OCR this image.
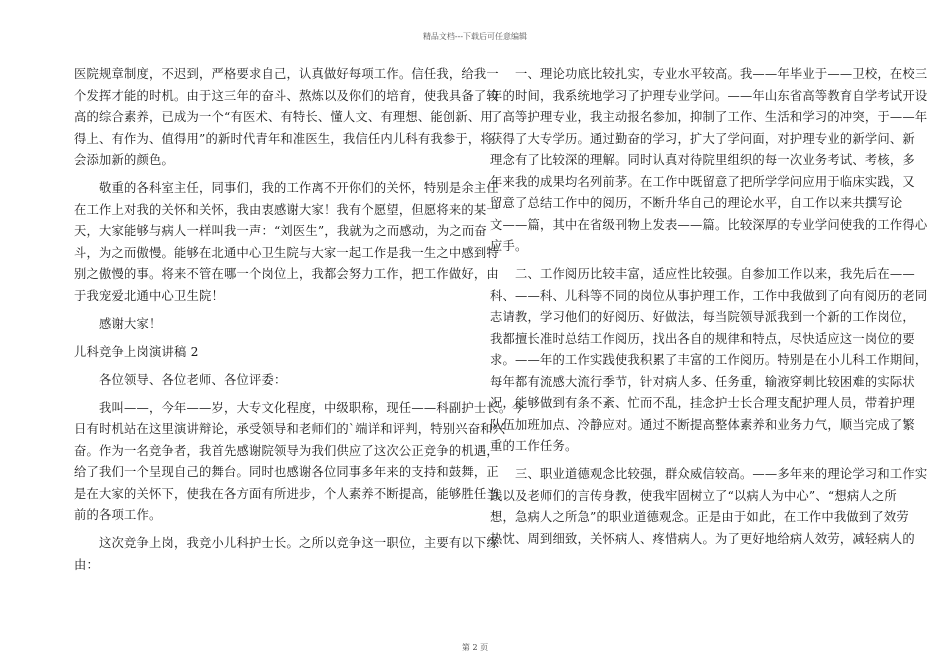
精品文档---下载后可任意编辑
医院规章制度，不迟到，严格要求自己，认真做好每项工作。信任我，给我一
个发挥才能的时机。由于这三年的奋斗、熬炼以及你们的培育，使我具备了较
高的综合素养，已成为一个“有医术、有特长、懂人文、有理想、能创新、用
得上、有作为、值得用”的新时代青年和准医生，我信任内儿科有我参于，将
会添加新的颜色。
　　敬重的各科室主任，同事们，我的工作离不开你们的关怀，特别是余主任
在工作上对我的关怀和关怀，我由衷感谢大家！我有个愿望，但愿将来的某一
天，大家能够与病人一样叫我一声：“刘医生”，我就为之而感动，为之而奋
斗，为之而傲慢。能够在北通中心卫生院与大家一起工作是我一生之中感到特
别之傲慢的事。将来不管在哪一个岗位上，我都会努力工作，把工作做好，由
于我宠爱北通中心卫生院！
　　感谢大家！
儿科竞争上岗演讲稿 2
　　各位领导、各位老师、各位评委：
　　我叫——，今年——岁，大专文化程度，中级职称，现任——科副护士长。今
日有时机站在这里演讲辩论，承受领导和老师们的`端详和评判，特别兴奋和兴
奋。作为一名竞争者，我首先感谢院领导为我们供应了这次公正竞争的机遇，
给了我们一个呈现自己的舞台。同时也感谢各位同事多年来的支持和鼓舞，正
是在大家的关怀下，使我在各方面有所进步，个人素养不断提高，能够胜任当
前的各项工作。
　　这次竞争上岗，我竞小儿科护士长。之所以竞争这一职位，主要有以下缘
由：
　　一、理论功底比较扎实，专业水平较高。我——年毕业于——卫校，在校三
年的时间，我系统地学习了护理专业学问。——年山东省高等教育自学考试开设
了高等护理专业，我主动报名参加，抑制了工作、生活和学习的冲突，于——年
获得了大专学历。通过勤奋的学习，扩大了学问面，对护理专业的新学问、新
理念有了比较深的理解。同时认真对待院里组织的每一次业务考试、考核，多
年来我的成果均名列前茅。在工作中既留意了把所学学问应用于临床实践，又
留意了总结工作中的阅历，不断升华自己的理论水平，自工作以来共撰写论
文——篇，其中在省级刊物上发表——篇。比较深厚的专业学问使我的工作得心
应手。
　　二、工作阅历比较丰富，适应性比较强。自参加工作以来，我先后在——
科、——科、儿科等不同的岗位从事护理工作，工作中我做到了向有阅历的老同
志请教，学习他们的好阅历、好做法，每当院领导派我到一个新的工作岗位，
我都擅长准时总结工作阅历，找出各自的规律和特点，尽快适应这一岗位的要
求。——年的工作实践使我积累了丰富的工作阅历。特别是在小儿科工作期间，
每年都有流感大流行季节，针对病人多、任务重，输液穿刺比较困难的实际状
况，能够做到有条不紊、忙而不乱，挂念护士长合理支配护理人员，带着护理
队伍加班加点、冷静应对。通过不断提高整体素养和业务力气，顺当完成了繁
重的工作任务。
　　三、职业道德观念比较强，群众威信较高。——多年来的理论学习和工作实
践以及老师们的言传身教，使我牢固树立了“以病人为中心”、“想病人之所
想，急病人之所急”的职业道德观念。正是由于如此，在工作中我做到了效劳
热忱、周到细致，关怀病人、疼惜病人。为了更好地给病人效劳，减轻病人的
第 2 页
